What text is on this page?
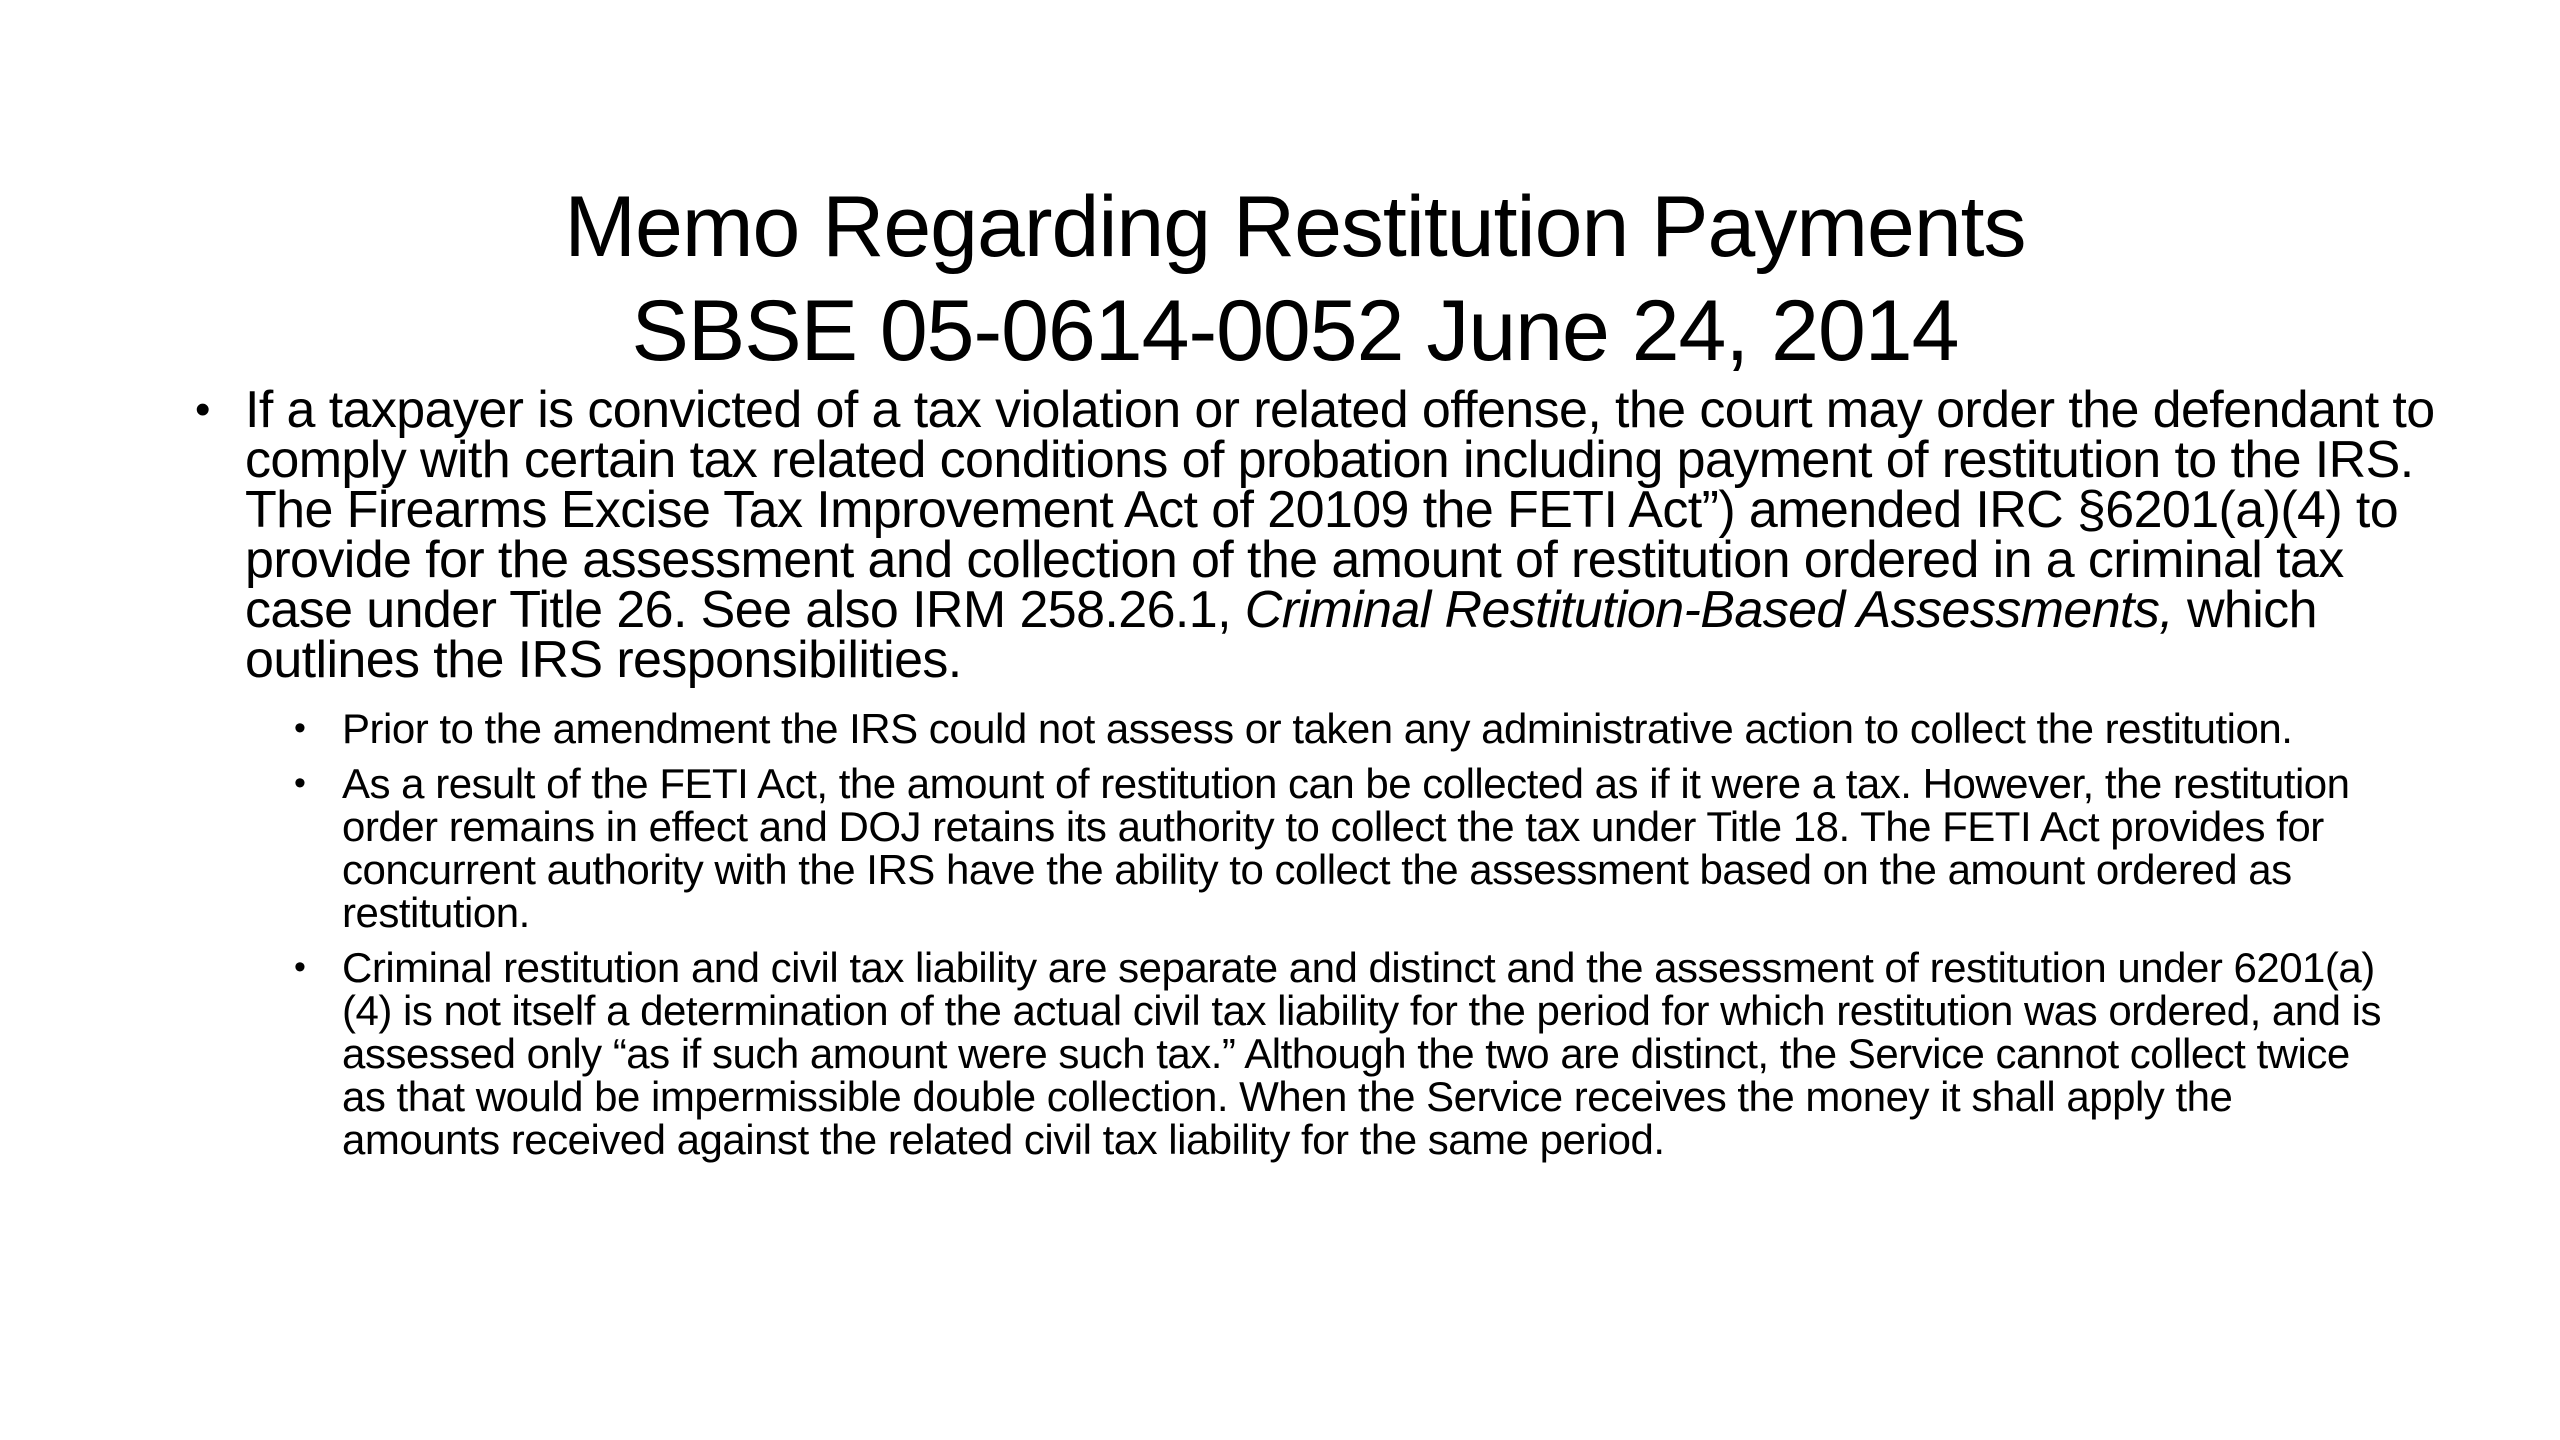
Memo Regarding Restitution Payments
SBSE 05-0614-0052 June 24, 2014
• If a taxpayer is convicted of a tax violation or related offense, the court may order the defendant to comply with certain tax related conditions of probation including payment of restitution to the IRS. The Firearms Excise Tax Improvement Act of 20109 the FETI Act”) amended IRC §6201(a)(4) to provide for the assessment and collection of the amount of restitution ordered in a criminal tax case under Title 26. See also IRM 258.26.1, Criminal Restitution-Based Assessments, which outlines the IRS responsibilities.
• Prior to the amendment the IRS could not assess or taken any administrative action to collect the restitution.
• As a result of the FETI Act, the amount of restitution can be collected as if it were a tax. However, the restitution order remains in effect and DOJ retains its authority to collect the tax under Title 18. The FETI Act provides for concurrent authority with the IRS have the ability to collect the assessment based on the amount ordered as restitution.
• Criminal restitution and civil tax liability are separate and distinct and the assessment of restitution under 6201(a)(4) is not itself a determination of the actual civil tax liability for the period for which restitution was ordered, and is assessed only “as if such amount were such tax.” Although the two are distinct, the Service cannot collect twice as that would be impermissible double collection. When the Service receives the money it shall apply the amounts received against the related civil tax liability for the same period.
